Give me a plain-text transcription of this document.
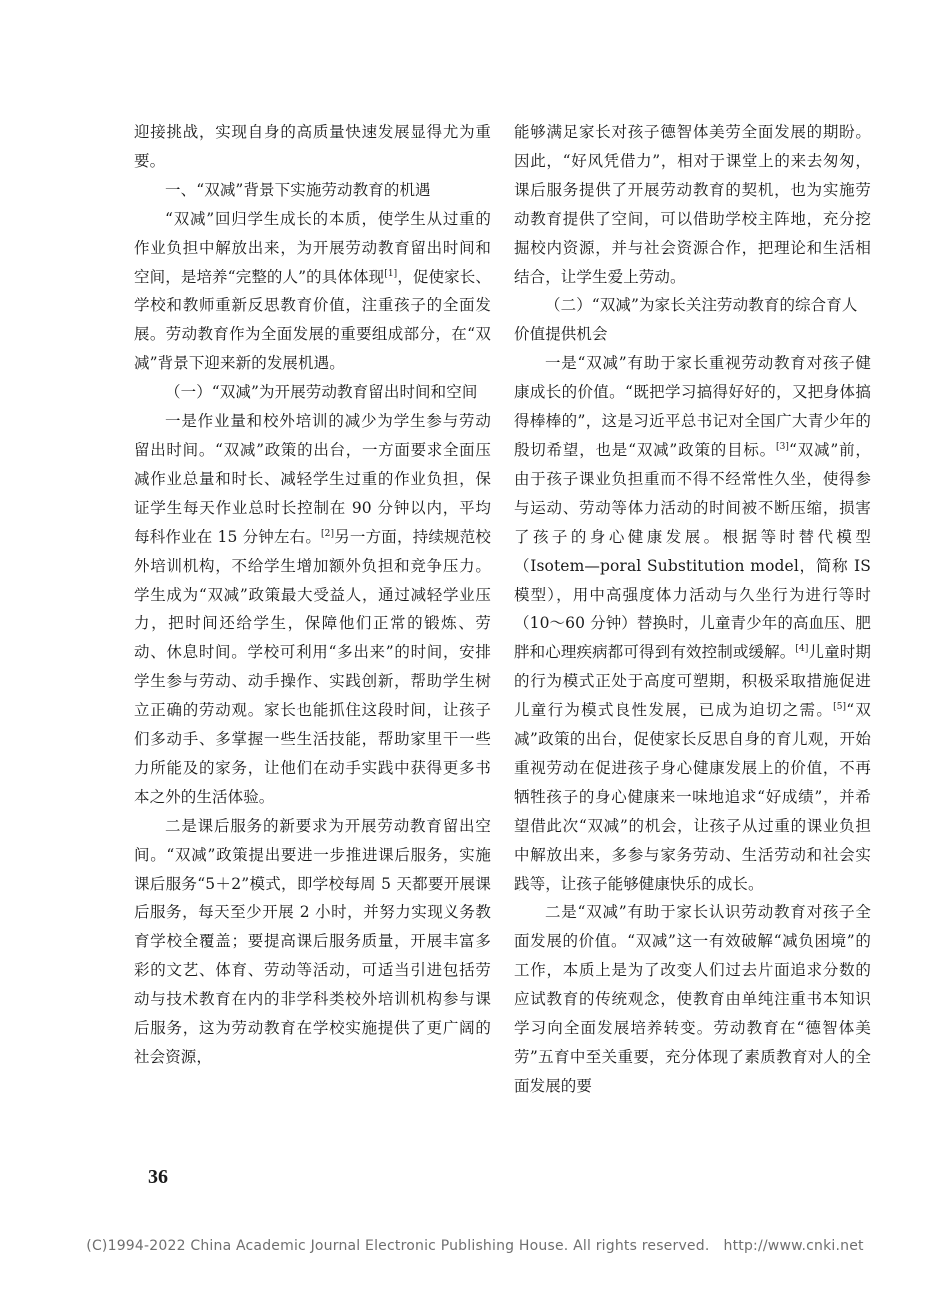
迎接挑战，实现自身的高质量快速发展显得尤为重要。

一、“双减”背景下实施劳动教育的机遇

“双减”回归学生成长的本质，使学生从过重的作业负担中解放出来，为开展劳动教育留出时间和空间，是培养“完整的人”的具体体现[1]，促使家长、学校和教师重新反思教育价值，注重孩子的全面发展。劳动教育作为全面发展的重要组成部分，在“双减”背景下迎来新的发展机遇。

（一）“双减”为开展劳动教育留出时间和空间

一是作业量和校外培训的减少为学生参与劳动留出时间。“双减”政策的出台，一方面要求全面压减作业总量和时长、减轻学生过重的作业负担，保证学生每天作业总时长控制在 90 分钟以内，平均每科作业在 15 分钟左右。[2]另一方面，持续规范校外培训机构，不给学生增加额外负担和竞争压力。学生成为“双减”政策最大受益人，通过减轻学业压力，把时间还给学生，保障他们正常的锻炼、劳动、休息时间。学校可利用“多出来”的时间，安排学生参与劳动、动手操作、实践创新，帮助学生树立正确的劳动观。家长也能抓住这段时间，让孩子们多动手、多掌握一些生活技能，帮助家里干一些力所能及的家务，让他们在动手实践中获得更多书本之外的生活体验。

二是课后服务的新要求为开展劳动教育留出空间。“双减”政策提出要进一步推进课后服务，实施课后服务“5＋2”模式，即学校每周 5 天都要开展课后服务，每天至少开展 2 小时，并努力实现义务教育学校全覆盖；要提高课后服务质量，开展丰富多彩的文艺、体育、劳动等活动，可适当引进包括劳动与技术教育在内的非学科类校外培训机构参与课后服务，这为劳动教育在学校实施提供了更广阔的社会资源，

能够满足家长对孩子德智体美劳全面发展的期盼。因此，“好风凭借力”，相对于课堂上的来去匆匆，课后服务提供了开展劳动教育的契机，也为实施劳动教育提供了空间，可以借助学校主阵地，充分挖掘校内资源，并与社会资源合作，把理论和生活相结合，让学生爱上劳动。

（二）“双减”为家长关注劳动教育的综合育人价值提供机会

一是“双减”有助于家长重视劳动教育对孩子健康成长的价值。“既把学习搞得好好的，又把身体搞得棒棒的”，这是习近平总书记对全国广大青少年的殷切希望，也是“双减”政策的目标。[3]“双减”前，由于孩子课业负担重而不得不经常性久坐，使得参与运动、劳动等体力活动的时间被不断压缩，损害了孩子的身心健康发展。根据等时替代模型（Isotem—poral Substitution model，简称 IS 模型），用中高强度体力活动与久坐行为进行等时（10～60 分钟）替换时，儿童青少年的高血压、肥胖和心理疾病都可得到有效控制或缓解。[4]儿童时期的行为模式正处于高度可塑期，积极采取措施促进儿童行为模式良性发展，已成为迫切之需。[5]“双减”政策的出台，促使家长反思自身的育儿观，开始重视劳动在促进孩子身心健康发展上的价值，不再牺牲孩子的身心健康来一味地追求“好成绩”，并希望借此次“双减”的机会，让孩子从过重的课业负担中解放出来，多参与家务劳动、生活劳动和社会实践等，让孩子能够健康快乐的成长。

二是“双减”有助于家长认识劳动教育对孩子全面发展的价值。“双减”这一有效破解“减负困境”的工作，本质上是为了改变人们过去片面追求分数的应试教育的传统观念，使教育由单纯注重书本知识学习向全面发展培养转变。劳动教育在“德智体美劳”五育中至关重要，充分体现了素质教育对人的全面发展的要

36
(C)1994-2022 China Academic Journal Electronic Publishing House. All rights reserved. http://www.cnki.net
